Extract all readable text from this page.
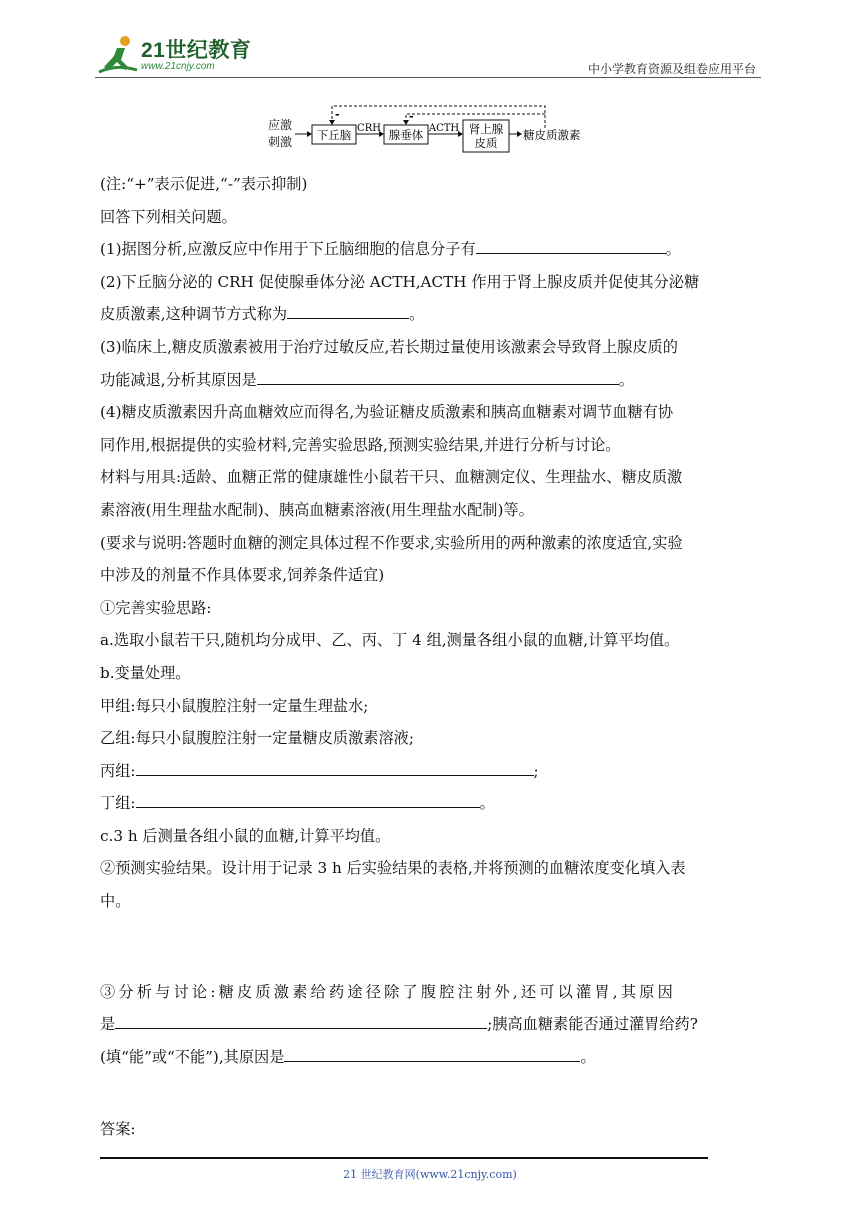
21世纪教育
www.21cnjy.com	中小学教育资源及组卷应用平台
应激
刺激 下丘脑 CRH 腺垂体 ACTH 肾上腺
皮质
糖皮质激素
-	-

(注:“+”表示促进,“-”表示抑制)

回答下列相关问题。

(1)据图分析,应激反应中作用于下丘脑细胞的信息分子有	。

(2)下丘脑分泌的 CRH 促使腺垂体分泌 ACTH,ACTH 作用于肾上腺皮质并促使其分泌糖

皮质激素,这种调节方式称为	。

(3)临床上,糖皮质激素被用于治疗过敏反应,若长期过量使用该激素会导致肾上腺皮质的

功能减退,分析其原因是	。

(4)糖皮质激素因升高血糖效应而得名,为验证糖皮质激素和胰高血糖素对调节血糖有协

同作用,根据提供的实验材料,完善实验思路,预测实验结果,并进行分析与讨论。

材料与用具:适龄、血糖正常的健康雄性小鼠若干只、血糖测定仪、生理盐水、糖皮质激

素溶液(用生理盐水配制)、胰高血糖素溶液(用生理盐水配制)等。

(要求与说明:答题时血糖的测定具体过程不作要求,实验所用的两种激素的浓度适宜,实验

中涉及的剂量不作具体要求,饲养条件适宜)

①完善实验思路:

a.选取小鼠若干只,随机均分成甲、乙、丙、丁 4 组,测量各组小鼠的血糖,计算平均值。

b.变量处理。

甲组:每只小鼠腹腔注射一定量生理盐水;

乙组:每只小鼠腹腔注射一定量糖皮质激素溶液;

丙组:	;

丁组:	。

c.3 h 后测量各组小鼠的血糖,计算平均值。

②预测实验结果。设计用于记录 3 h 后实验结果的表格,并将预测的血糖浓度变化填入表

中。

③分析与讨论:糖皮质激素给药途径除了腹腔注射外,还可以灌胃,其原因

是	;胰高血糖素能否通过灌胃给药?

(填“能”或“不能”),其原因是	。

答案:
21 世纪教育网(www.21cnjy.com)
